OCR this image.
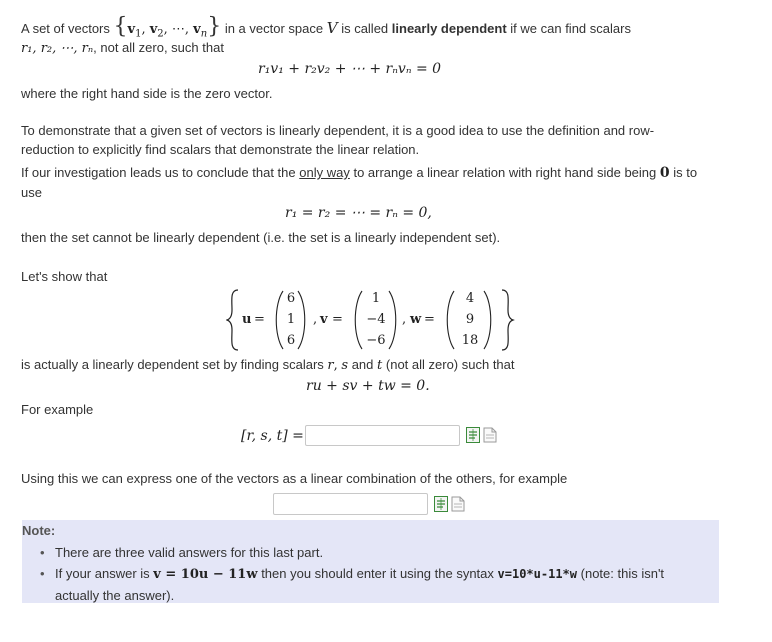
A set of vectors {$v_1$, $v_2$, ⋯, $v_n$} in a vector space V is called linearly dependent if we can find scalars
r₁, r₂, ⋯, rₙ, not all zero, such that
r₁v₁ + r₂v₂ + ⋯ + rₙvₙ = 0
where the right hand side is the zero vector.
To demonstrate that a given set of vectors is linearly dependent, it is a good idea to use the definition and row-
reduction to explicitly find scalars that demonstrate the linear relation.
If our investigation leads us to conclude that the only way to arrange a linear relation with right hand side being 0 is to
use
r₁ = r₂ = ⋯ = rₙ = 0,
then the set cannot be linearly dependent (i.e. the set is a linearly independent set).
Let's show that
u =
6
1
6
, v =
1
−4
−6
, w =
4
9
18
is actually a linearly dependent set by finding scalars r, s and t (not all zero) such that
ru + sv + tw = 0.
For example
[r, s, t] =
Using this we can express one of the vectors as a linear combination of the others, for example
Note:
• There are three valid answers for this last part.
• If your answer is v = 10u − 11w then you should enter it using the syntax v=10*u-11*w (note: this isn't
actually the answer).
